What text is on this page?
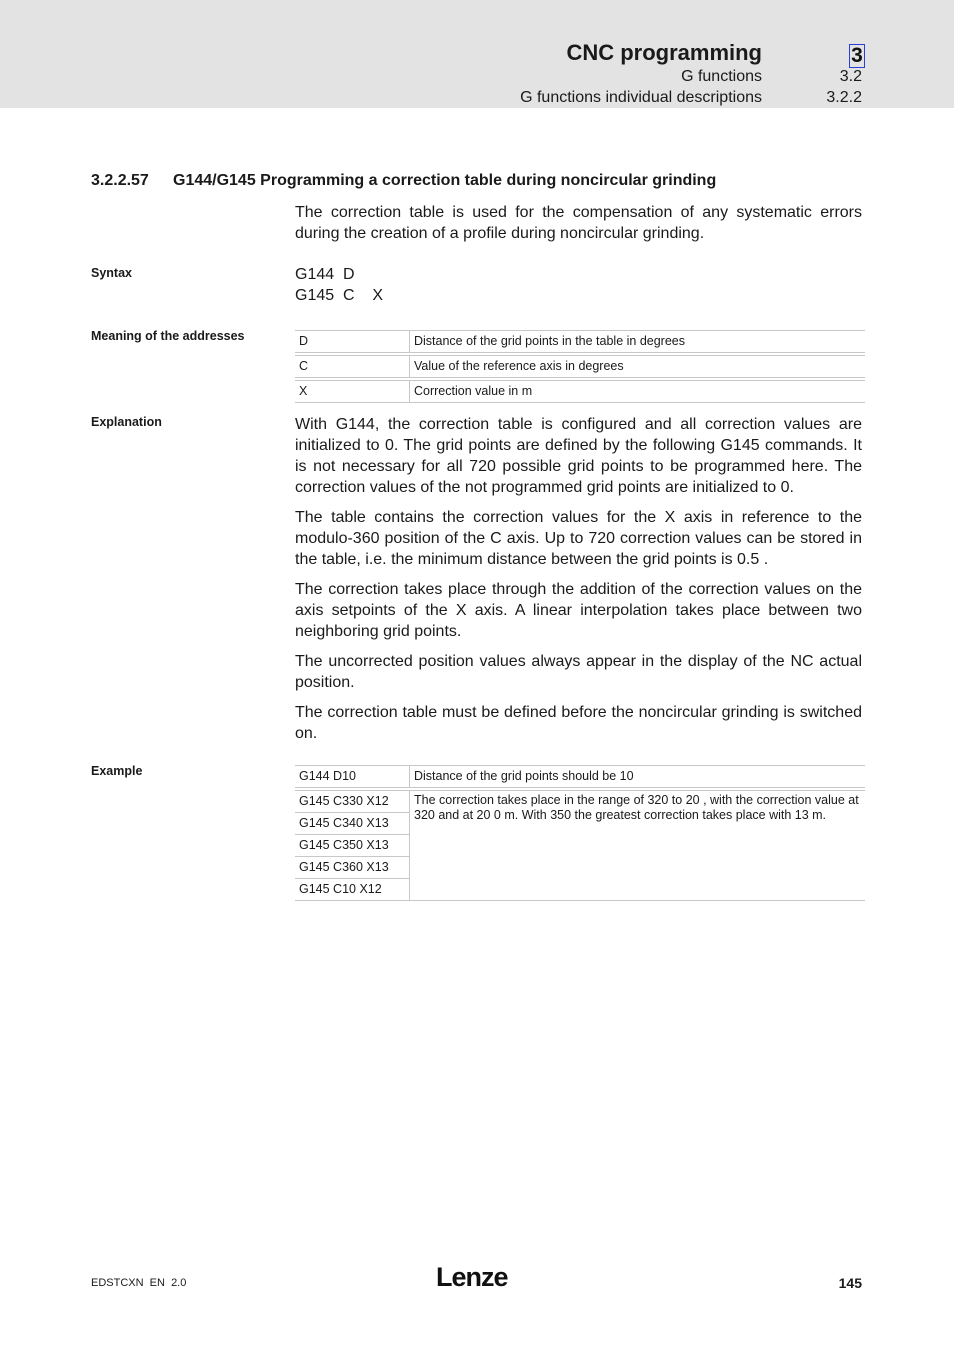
CNC programming	3
G functions	3.2
G functions individual descriptions	3.2.2
3.2.2.57 G144/G145 Programming a correction table during noncircular grinding

The correction table is used for the compensation of any systematic errors during the creation of a profile during noncircular grinding.

Syntax	G144  D
G145  C    X
Meaning of the addresses	D	Distance of the grid points in the table in degrees

C	Value of the reference axis in degrees

X	Correction value in m
Explanation	With G144, the correction table is configured and all correction values are initialized to 0. The grid points are defined by the following G145 commands. It is not necessary for all 720 possible grid points to be programmed here. The correction values of the not programmed grid points are initialized to 0.

The table contains the correction values for the X axis in reference to the modulo-360 position of the C axis. Up to 720 correction values can be stored in the table, i.e. the minimum distance between the grid points is 0.5 .

The correction takes place through the addition of the correction values on the axis setpoints of the X axis. A linear interpolation takes place between two neighboring grid points.

The uncorrected position values always appear in the display of the NC actual position.

The correction table must be defined before the noncircular grinding is switched on.

Example	G144 D10	Distance of the grid points should be 10

G145 C330 X12	The correction takes place in the range of 320 to 20 , with the correction value at 320 and at 20 0 m. With 350 the greatest correction takes place with 13 m.
G145 C340 X13	
G145 C350 X13	
G145 C360 X13	
G145 C10 X12	
EDSTCXN  EN  2.0	Lenze	145
